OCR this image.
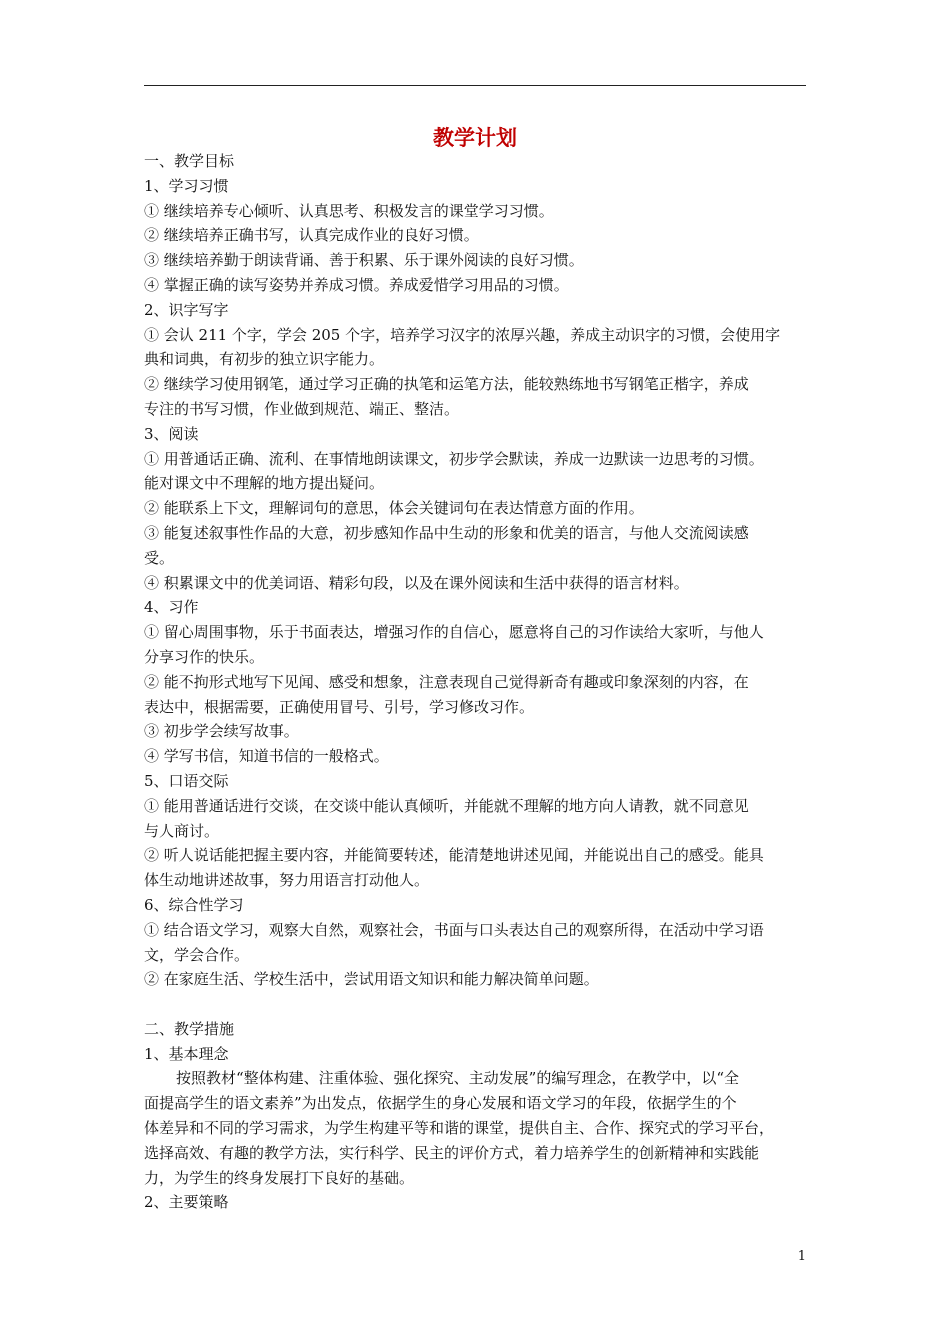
教学计划

一、教学目标

1、学习习惯

① 继续培养专心倾听、认真思考、积极发言的课堂学习习惯。

② 继续培养正确书写，认真完成作业的良好习惯。

③ 继续培养勤于朗读背诵、善于积累、乐于课外阅读的良好习惯。

④ 掌握正确的读写姿势并养成习惯。养成爱惜学习用品的习惯。

2、识字写字

① 会认 211 个字，学会 205 个字，培养学习汉字的浓厚兴趣，养成主动识字的习惯，会使用字

典和词典，有初步的独立识字能力。

② 继续学习使用钢笔，通过学习正确的执笔和运笔方法，能较熟练地书写钢笔正楷字，养成

专注的书写习惯，作业做到规范、端正、整洁。

3、阅读

① 用普通话正确、流利、在事情地朗读课文，初步学会默读，养成一边默读一边思考的习惯。

能对课文中不理解的地方提出疑问。

② 能联系上下文，理解词句的意思，体会关键词句在表达情意方面的作用。

③ 能复述叙事性作品的大意，初步感知作品中生动的形象和优美的语言，与他人交流阅读感

受。

④ 积累课文中的优美词语、精彩句段，以及在课外阅读和生活中获得的语言材料。

4、习作

① 留心周围事物，乐于书面表达，增强习作的自信心，愿意将自己的习作读给大家听，与他人

分享习作的快乐。

② 能不拘形式地写下见闻、感受和想象，注意表现自己觉得新奇有趣或印象深刻的内容，在

表达中，根据需要，正确使用冒号、引号，学习修改习作。

③ 初步学会续写故事。

④ 学写书信，知道书信的一般格式。

5、口语交际

① 能用普通话进行交谈，在交谈中能认真倾听，并能就不理解的地方向人请教，就不同意见

与人商讨。

② 听人说话能把握主要内容，并能简要转述，能清楚地讲述见闻，并能说出自己的感受。能具

体生动地讲述故事，努力用语言打动他人。

6、综合性学习

① 结合语文学习，观察大自然，观察社会，书面与口头表达自己的观察所得，在活动中学习语

文，学会合作。

② 在家庭生活、学校生活中，尝试用语文知识和能力解决简单问题。

二、教学措施

1、基本理念

按照教材“整体构建、注重体验、强化探究、主动发展”的编写理念，在教学中，以“全

面提高学生的语文素养”为出发点，依据学生的身心发展和语文学习的年段，依据学生的个

体差异和不同的学习需求，为学生构建平等和谐的课堂，提供自主、合作、探究式的学习平台，

选择高效、有趣的教学方法，实行科学、民主的评价方式，着力培养学生的创新精神和实践能

力，为学生的终身发展打下良好的基础。

2、主要策略

1
